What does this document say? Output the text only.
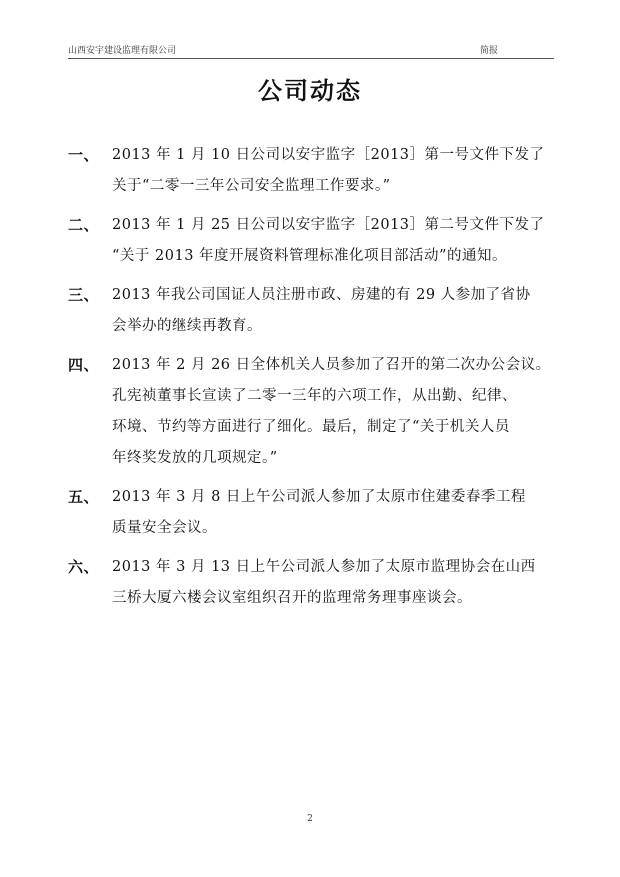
山西安宇建设监理有限公司	简报
公司动态
一、 2013 年 1 月 10 日公司以安宇监字［2013］第一号文件下发了
关于“二零一三年公司安全监理工作要求。”
二、 2013 年 1 月 25 日公司以安宇监字［2013］第二号文件下发了
“关于 2013 年度开展资料管理标准化项目部活动”的通知。
三、 2013 年我公司国证人员注册市政、房建的有 29 人参加了省协
会举办的继续再教育。
四、 2013 年 2 月 26 日全体机关人员参加了召开的第二次办公会议。
孔宪祯董事长宣读了二零一三年的六项工作，从出勤、纪律、
环境、节约等方面进行了细化。最后，制定了“关于机关人员
年终奖发放的几项规定。”
五、 2013 年 3 月 8 日上午公司派人参加了太原市住建委春季工程
质量安全会议。
六、 2013 年 3 月 13 日上午公司派人参加了太原市监理协会在山西
三桥大厦六楼会议室组织召开的监理常务理事座谈会。
2
